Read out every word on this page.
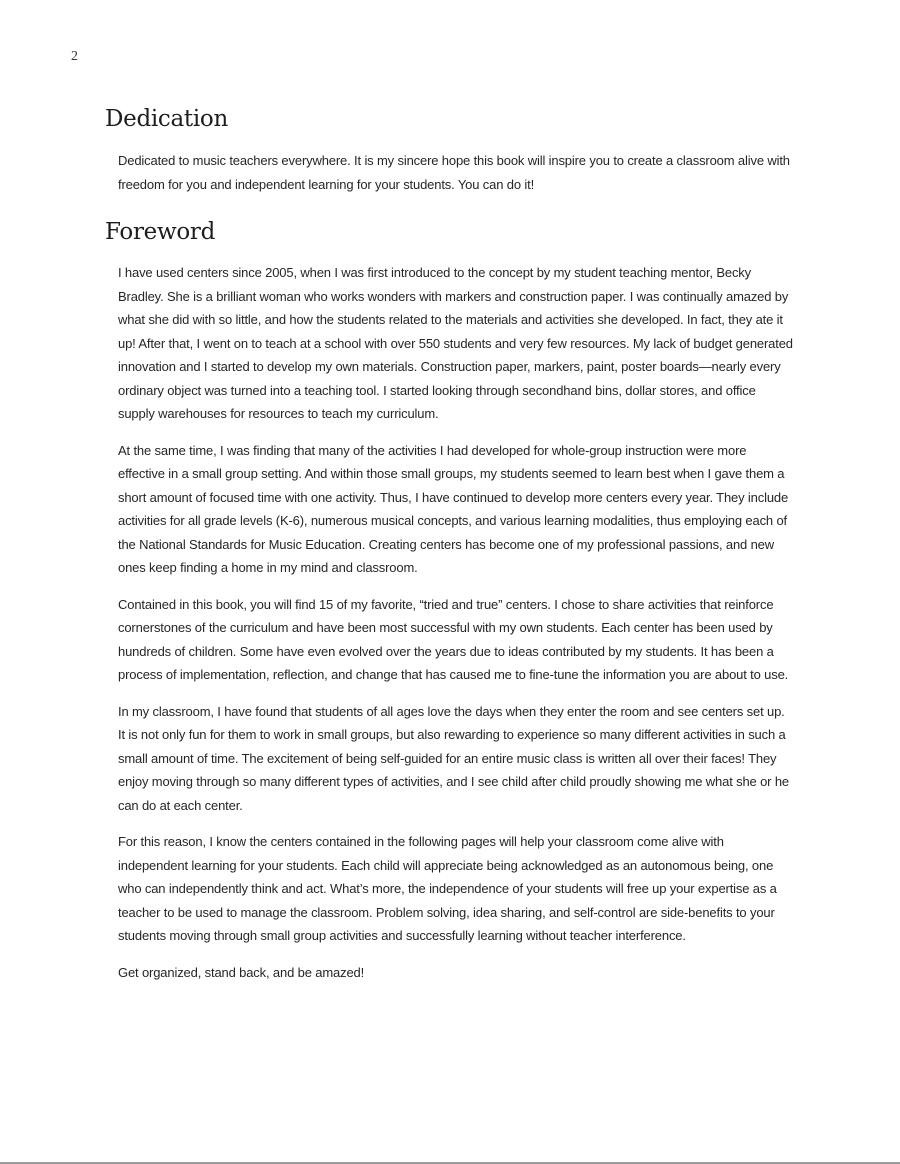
2
Dedication

Dedicated to music teachers everywhere. It is my sincere hope this book will inspire you to create a classroom alive with freedom for you and independent learning for your students. You can do it!

Foreword

I have used centers since 2005, when I was first introduced to the concept by my student teaching mentor, Becky Bradley. She is a brilliant woman who works wonders with markers and construction paper. I was continually amazed by what she did with so little, and how the students related to the materials and activities she developed. In fact, they ate it up! After that, I went on to teach at a school with over 550 students and very few resources. My lack of budget generated innovation and I started to develop my own materials. Construction paper, markers, paint, poster boards—nearly every ordinary object was turned into a teaching tool. I started looking through secondhand bins, dollar stores, and office supply warehouses for resources to teach my curriculum.

At the same time, I was finding that many of the activities I had developed for whole-group instruction were more effective in a small group setting. And within those small groups, my students seemed to learn best when I gave them a short amount of focused time with one activity. Thus, I have continued to develop more centers every year. They include activities for all grade levels (K-6), numerous musical concepts, and various learning modalities, thus employing each of the National Standards for Music Education. Creating centers has become one of my professional passions, and new ones keep finding a home in my mind and classroom.

Contained in this book, you will find 15 of my favorite, “tried and true” centers. I chose to share activities that reinforce cornerstones of the curriculum and have been most successful with my own students. Each center has been used by hundreds of children. Some have even evolved over the years due to ideas contributed by my students. It has been a process of implementation, reflection, and change that has caused me to fine-tune the information you are about to use.

In my classroom, I have found that students of all ages love the days when they enter the room and see centers set up. It is not only fun for them to work in small groups, but also rewarding to experience so many different activities in such a small amount of time. The excitement of being self-guided for an entire music class is written all over their faces! They enjoy moving through so many different types of activities, and I see child after child proudly showing me what she or he can do at each center.

For this reason, I know the centers contained in the following pages will help your classroom come alive with independent learning for your students. Each child will appreciate being acknowledged as an autonomous being, one who can independently think and act. What’s more, the independence of your students will free up your expertise as a teacher to be used to manage the classroom. Problem solving, idea sharing, and self-control are side-benefits to your students moving through small group activities and successfully learning without teacher interference.

Get organized, stand back, and be amazed!
